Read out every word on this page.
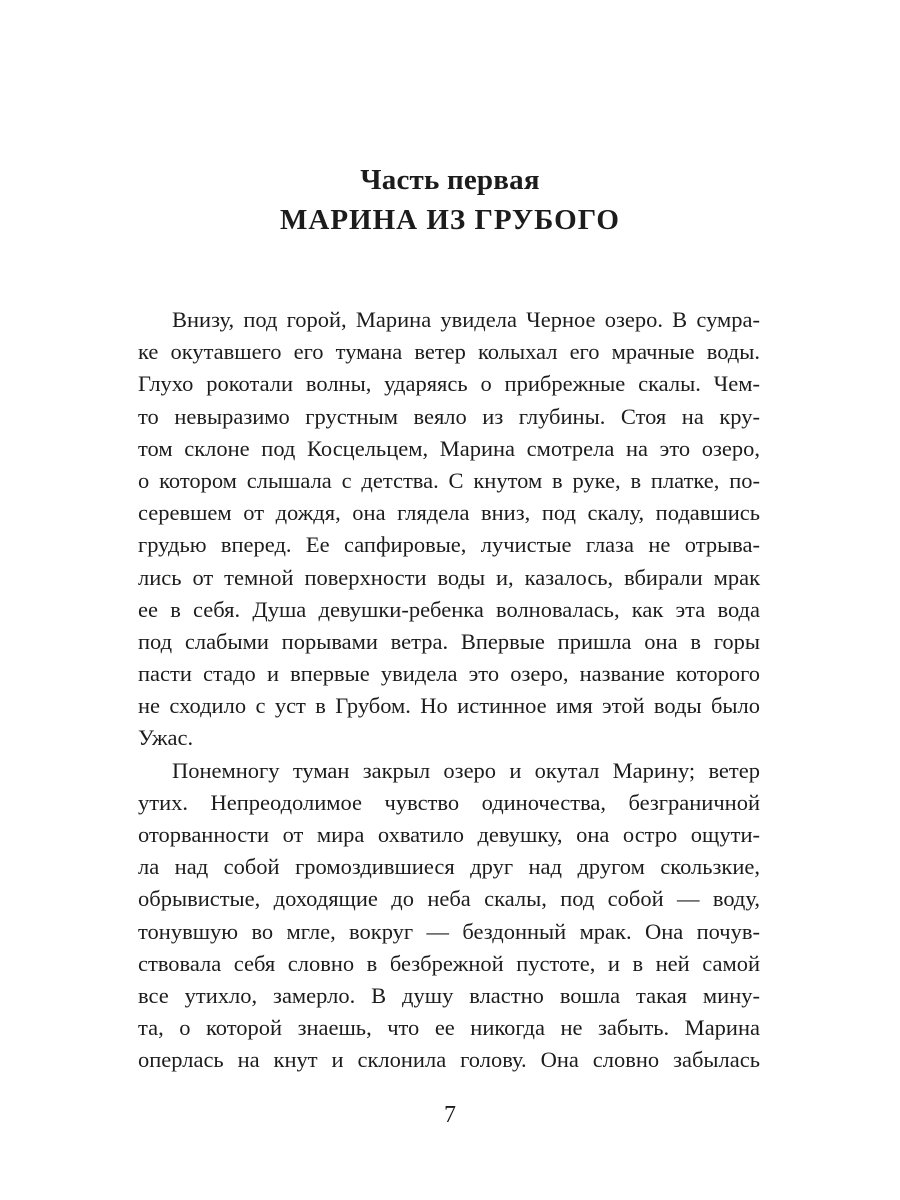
Часть первая
МАРИНА ИЗ ГРУБОГО
Внизу, под горой, Марина увидела Черное озеро. В сумра-
ке окутавшего его тумана ветер колыхал его мрачные воды.
Глухо рокотали волны, ударяясь о прибрежные скалы. Чем-
то невыразимо грустным веяло из глубины. Стоя на кру-
том склоне под Косцельцем, Марина смотрела на это озеро,
о котором слышала с детства. С кнутом в руке, в платке, по-
серевшем от дождя, она глядела вниз, под скалу, подавшись
грудью вперед. Ее сапфировые, лучистые глаза не отрыва-
лись от темной поверхности воды и, казалось, вбирали мрак
ее в себя. Душа девушки-ребенка волновалась, как эта вода
под слабыми порывами ветра. Впервые пришла она в горы
пасти стадо и впервые увидела это озеро, название которого
не сходило с уст в Грубом. Но истинное имя этой воды было
Ужас.
Понемногу туман закрыл озеро и окутал Марину; ветер
утих. Непреодолимое чувство одиночества, безграничной
оторванности от мира охватило девушку, она остро ощути-
ла над собой громоздившиеся друг над другом скользкие,
обрывистые, доходящие до неба скалы, под собой — воду,
тонувшую во мгле, вокруг — бездонный мрак. Она почув-
ствовала себя словно в безбрежной пустоте, и в ней самой
все утихло, замерло. В душу властно вошла такая мину-
та, о которой знаешь, что ее никогда не забыть. Марина
оперлась на кнут и склонила голову. Она словно забылась
7
